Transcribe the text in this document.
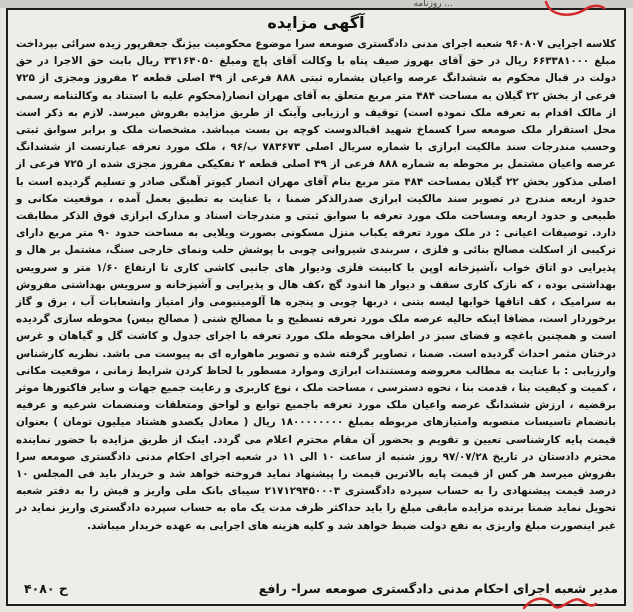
روزنامه ...
آگهی مزایده
کلاسه اجرایی ۹۶۰۸۰۷ شعبه اجرای مدنی دادگستری صومعه سرا موضوع محکومیت بیژنگ جعفرپور زیده سرائی بپرداخت مبلغ ۶۶۳۳۸۱۰۰۰ ریال در حق آقای بهروز صیف پناه با وکالت آقای پاچ ومبلغ ۳۳۱۶۴۰۵۰ ریال بابت حق الاجرا در حق دولت در قبال محکوم به ششدانگ عرصه واعیان بشماره ثبتی ۸۸۸ فرعی از ۴۹ اصلی قطعه ۲ مفروز ومجزی از ۷۲۵ فرعی از بخش ۲۲ گیلان به مساحت ۴۸۴ متر مربع متعلق به آقای مهران انصار(محکوم علیه با استناد به وکالتنامه رسمی از مالک اقدام به تعرفه ملک نموده است) توقیف و ارزیابی وآینک از طریق مزایده بفروش میرسد. لازم به ذکر است محل استقرار ملک صومعه سرا کسماخ شهید اقبالدوست کوچه بن بست میباشد. مشخصات ملک و برابر سوابق ثبتی وحسب مندرجات سند مالکیت ابرازی با شماره سریال اصلی ۷۸۳۶۷۳ ب/۹۶ ، ملک مورد تعرفه عبارتست از ششدانگ عرصه واعیان مشتمل بر محوطه به شماره ۸۸۸ فرعی از ۴۹ اصلی قطعه ۲ تفکیکی مفروز مجزی شده از ۷۲۵ فرعی از اصلی مذکور بخش ۲۲ گیلان بمساحت ۴۸۴ متر مربع بنام آقای مهران انصار کیوتر آهنگی صادر و تسلیم گردیده است با حدود اربعه مندرج در تصویر سند مالکیت ابرازی صدرالذکر ضمنا ، با عنایت به تطبیق بعمل آمده ، موقعیت مکانی و طبیعی و حدود اربعه ومساحت ملک مورد تعرفه با سوابق ثبتی و مندرجات اسناد و مدارک ابرازی فوق الذکر مطابقت دارد. توصیفات اعیانی : در ملک مورد تعرفه یکباب منزل مسکونی بصورت ویلایی به مساحت حدود ۹۰ متر مربع دارای ترکیبی از اسکلت مصالح بنائی و فلزی ، سربندی شیروانی چوبی با پوشش حلب ونمای خارجی سنگ، مشتمل بر هال و پذیرایی دو اتاق خواب ،آشپزخانه اوپن با کابینت فلزی ودیوار های جانبی کاشی کاری تا ارتفاع ۱/۶۰ متر و سرویس بهداشتی بوده ، که نازک کاری سقف و دیوار ها اندود گچ ،کف هال و پذیرایی و آشپزخانه و سرویس بهداشتی مفروش به سرامیک ، کف اتاقها خوابها لیسه بتنی ، دربها چوبی و پنجره ها آلومینیومی واز امتیاز وانشعابات آب ، برق و گاز برخوردار است، مضافا اینکه حالیه عرصه ملک مورد تعرفه تسطیح و با مصالح شنی ( مصالح بیس) محوطه سازی گردیده است و همچنین باغچه و فضای سبز در اطراف محوطه ملک مورد تعرفه با اجرای جدول و کاشت گل و گیاهان و غرس درختان مثمر احداث گردیده است. ضمنا ، تصاویر گرفته شده و تصویر ماهواره ای به پیوست می باشد. نظریه کارشناس وارزیابی : با عنایت به مطالب معروضه ومستندات ابرازی وموارد مسطور با لحاظ کردن شرایط زمانی ، موقعیت مکانی ، کمیت و کیفیت بنا ، قدمت بنا ، نحوه دسترسی ، مساحت ملک ، نوع کاربری و رعایت جمیع جهات و سایر فاکتورها موثر برقضیه ، ارزش ششدانگ عرصه واعیان ملک مورد تعرفه باجمیع توابع و لواحق ومتعلقات ومنضمات شرعیه و عرفیه بانضمام تاسیسات منصوبه وامتیازهای مربوطه بمبلغ ۱۸۰۰۰۰۰۰۰۰ ریال ( معادل یکصدو هشتاد میلیون تومان ) بعنوان قیمت پایه کارشناسی تعیین و تقویم و بحضور آن مقام محترم اعلام می گردد. اینک از طریق مزایده با حضور نماینده محترم دادستان در تاریخ ۹۷/۰۷/۲۸ روز شنبه از ساعت ۱۰ الی ۱۱ در شعبه اجرای احکام مدنی دادگستری صومعه سرا بفروش میرسد هر کس از قیمت پایه بالاترین قیمت را پیشنهاد نماید فروخته خواهد شد و خریدار باید فی المجلس ۱۰ درصد قیمت پیشنهادی را به حساب سپرده دادگستری ۲۱۷۱۲۹۴۵۰۰۰۳ سیبای بانک ملی واریز و فیش را به دفتر شعبه تحویل نماید ضمنا برنده مزایده مابقی مبلغ را باید حداکثر ظرف مدت یک ماه به حساب سپرده دادگستری واریز نماید در غیر اینصورت مبلغ واریزی به نفع دولت ضبط خواهد شد و کلیه هزینه های اجرایی به عهده خریدار میباشد.
مدیر شعبه اجرای احکام مدنی دادگستری صومعه سرا- رافع
ح ۴۰۸۰
